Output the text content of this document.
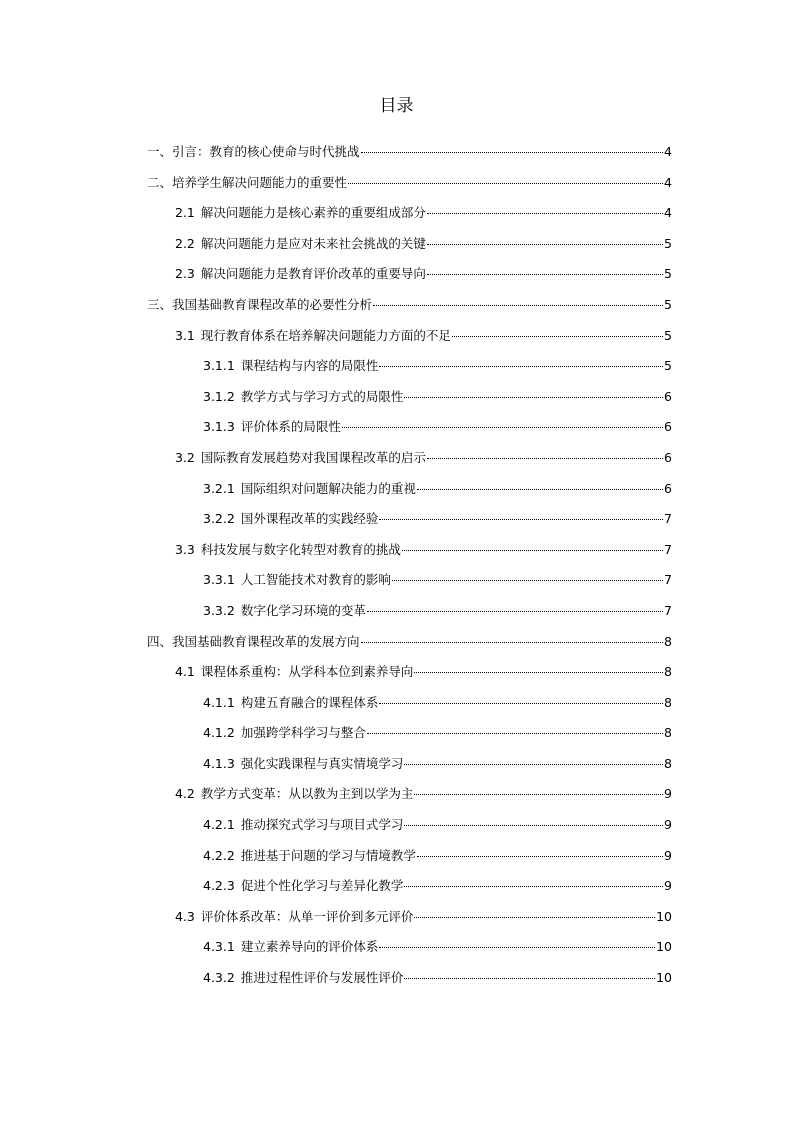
目录
一、 引言：教育的核心使命与时代挑战	4
二、 培养学生解决问题能力的重要性	4
2.1 解决问题能力是核心素养的重要组成部分	4
2.2 解决问题能力是应对未来社会挑战的关键	5
2.3 解决问题能力是教育评价改革的重要导向	5
三、 我国基础教育课程改革的必要性分析	5
3.1 现行教育体系在培养解决问题能力方面的不足	5
3.1.1 课程结构与内容的局限性	5
3.1.2 教学方式与学习方式的局限性	6
3.1.3 评价体系的局限性	6
3.2 国际教育发展趋势对我国课程改革的启示	6
3.2.1 国际组织对问题解决能力的重视	6
3.2.2 国外课程改革的实践经验	7
3.3 科技发展与数字化转型对教育的挑战	7
3.3.1 人工智能技术对教育的影响	7
3.3.2 数字化学习环境的变革	7
四、 我国基础教育课程改革的发展方向	8
4.1 课程体系重构：从学科本位到素养导向	8
4.1.1 构建五育融合的课程体系	8
4.1.2 加强跨学科学习与整合	8
4.1.3 强化实践课程与真实情境学习	8
4.2 教学方式变革：从以教为主到以学为主	9
4.2.1 推动探究式学习与项目式学习	9
4.2.2 推进基于问题的学习与情境教学	9
4.2.3 促进个性化学习与差异化教学	9
4.3 评价体系改革：从单一评价到多元评价	10
4.3.1 建立素养导向的评价体系	10
4.3.2 推进过程性评价与发展性评价	10
